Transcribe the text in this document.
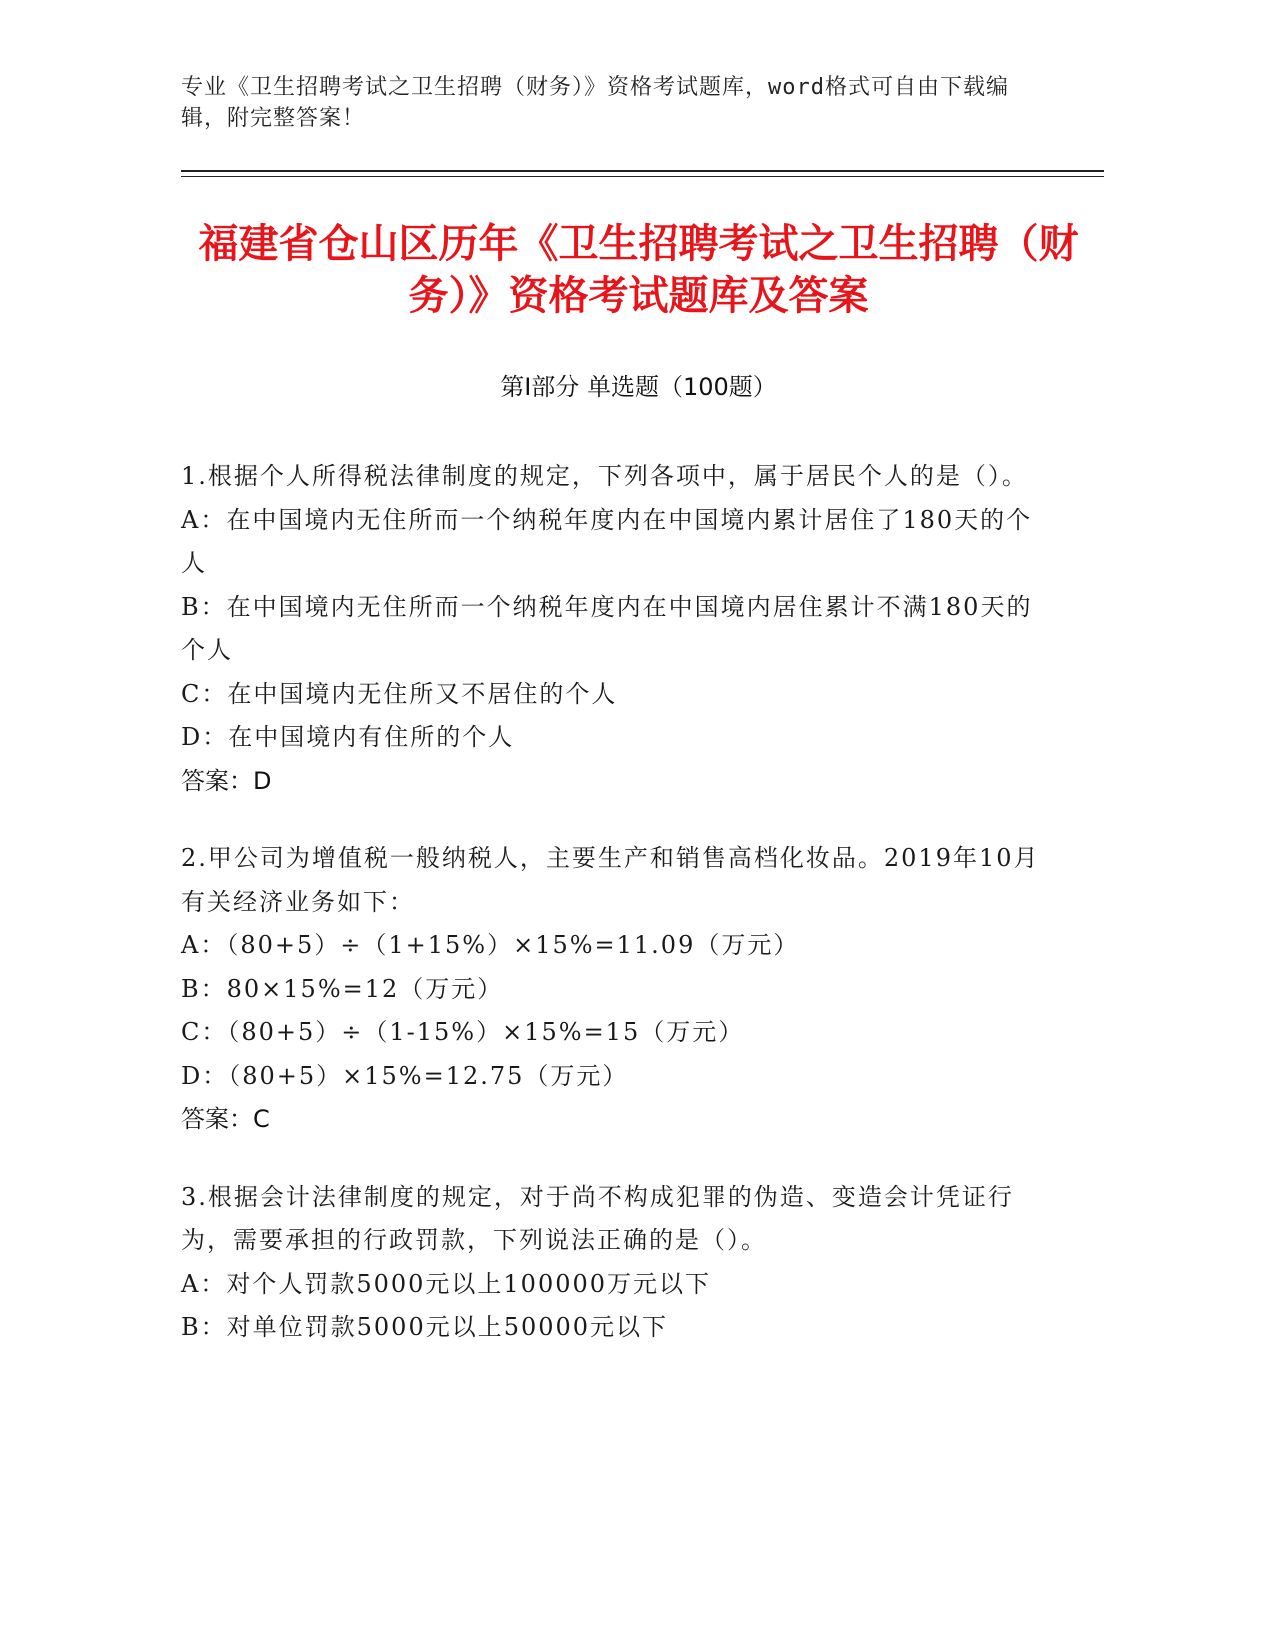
专业《卫生招聘考试之卫生招聘（财务）》资格考试题库，word格式可自由下载编辑，附完整答案！
福建省仓山区历年《卫生招聘考试之卫生招聘（财务）》资格考试题库及答案
第Ⅰ部分 单选题（100题）

1.根据个人所得税法律制度的规定，下列各项中，属于居民个人的是（）。

A：在中国境内无住所而一个纳税年度内在中国境内累计居住了180天的个人

B：在中国境内无住所而一个纳税年度内在中国境内居住累计不满180天的个人

C：在中国境内无住所又不居住的个人

D：在中国境内有住所的个人

答案：D

2.甲公司为增值税一般纳税人，主要生产和销售高档化妆品。2019年10月有关经济业务如下：

A：（80+5）÷（1+15%）×15%=11.09（万元）

B：80×15%=12（万元）

C：（80+5）÷（1-15%）×15%=15（万元）

D：（80+5）×15%=12.75（万元）

答案：C

3.根据会计法律制度的规定，对于尚不构成犯罪的伪造、变造会计凭证行为，需要承担的行政罚款，下列说法正确的是（）。

A：对个人罚款5000元以上100000万元以下

B：对单位罚款5000元以上50000元以下
